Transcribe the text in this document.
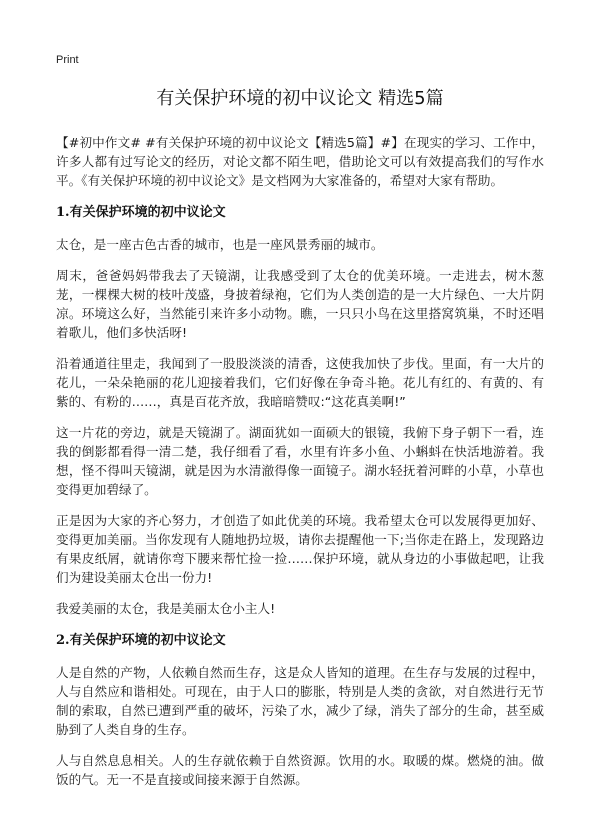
Print
有关保护环境的初中议论文 精选5篇

【#初中作文# #有关保护环境的初中议论文【精选5篇】#】在现实的学习、工作中，许多人都有过写论文的经历，对论文都不陌生吧，借助论文可以有效提高我们的写作水平。《有关保护环境的初中议论文》是文档网为大家准备的，希望对大家有帮助。

1.有关保护环境的初中议论文

太仓，是一座古色古香的城市，也是一座风景秀丽的城市。

周末，爸爸妈妈带我去了天镜湖，让我感受到了太仓的优美环境。一走进去，树木葱茏，一棵棵大树的枝叶茂盛，身披着绿袍，它们为人类创造的是一大片绿色、一大片阴凉。环境这么好，当然能引来许多小动物。瞧，一只只小鸟在这里搭窝筑巢，不时还唱着歌儿，他们多快活呀!

沿着通道往里走，我闻到了一股股淡淡的清香，这使我加快了步伐。里面，有一大片的花儿，一朵朵艳丽的花儿迎接着我们，它们好像在争奇斗艳。花儿有红的、有黄的、有紫的、有粉的……，真是百花齐放，我暗暗赞叹:“这花真美啊!”

这一片花的旁边，就是天镜湖了。湖面犹如一面硕大的银镜，我俯下身子朝下一看，连我的倒影都看得一清二楚，我仔细看了看，水里有许多小鱼、小蝌蚪在快活地游着。我想，怪不得叫天镜湖，就是因为水清澈得像一面镜子。湖水轻抚着河畔的小草，小草也变得更加碧绿了。

正是因为大家的齐心努力，才创造了如此优美的环境。我希望太仓可以发展得更加好、变得更加美丽。当你发现有人随地扔垃圾，请你去提醒他一下;当你走在路上，发现路边有果皮纸屑，就请你弯下腰来帮忙捡一捡……保护环境，就从身边的小事做起吧，让我们为建设美丽太仓出一份力!

我爱美丽的太仓，我是美丽太仓小主人!

2.有关保护环境的初中议论文

人是自然的产物，人依赖自然而生存，这是众人皆知的道理。在生存与发展的过程中，人与自然应和谐相处。可现在，由于人口的膨胀，特别是人类的贪欲，对自然进行无节制的索取，自然已遭到严重的破坏，污染了水，减少了绿，消失了部分的生命，甚至威胁到了人类自身的生存。

人与自然息息相关。人的生存就依赖于自然资源。饮用的水。取暖的煤。燃烧的油。做饭的气。无一不是直接或间接来源于自然源。
